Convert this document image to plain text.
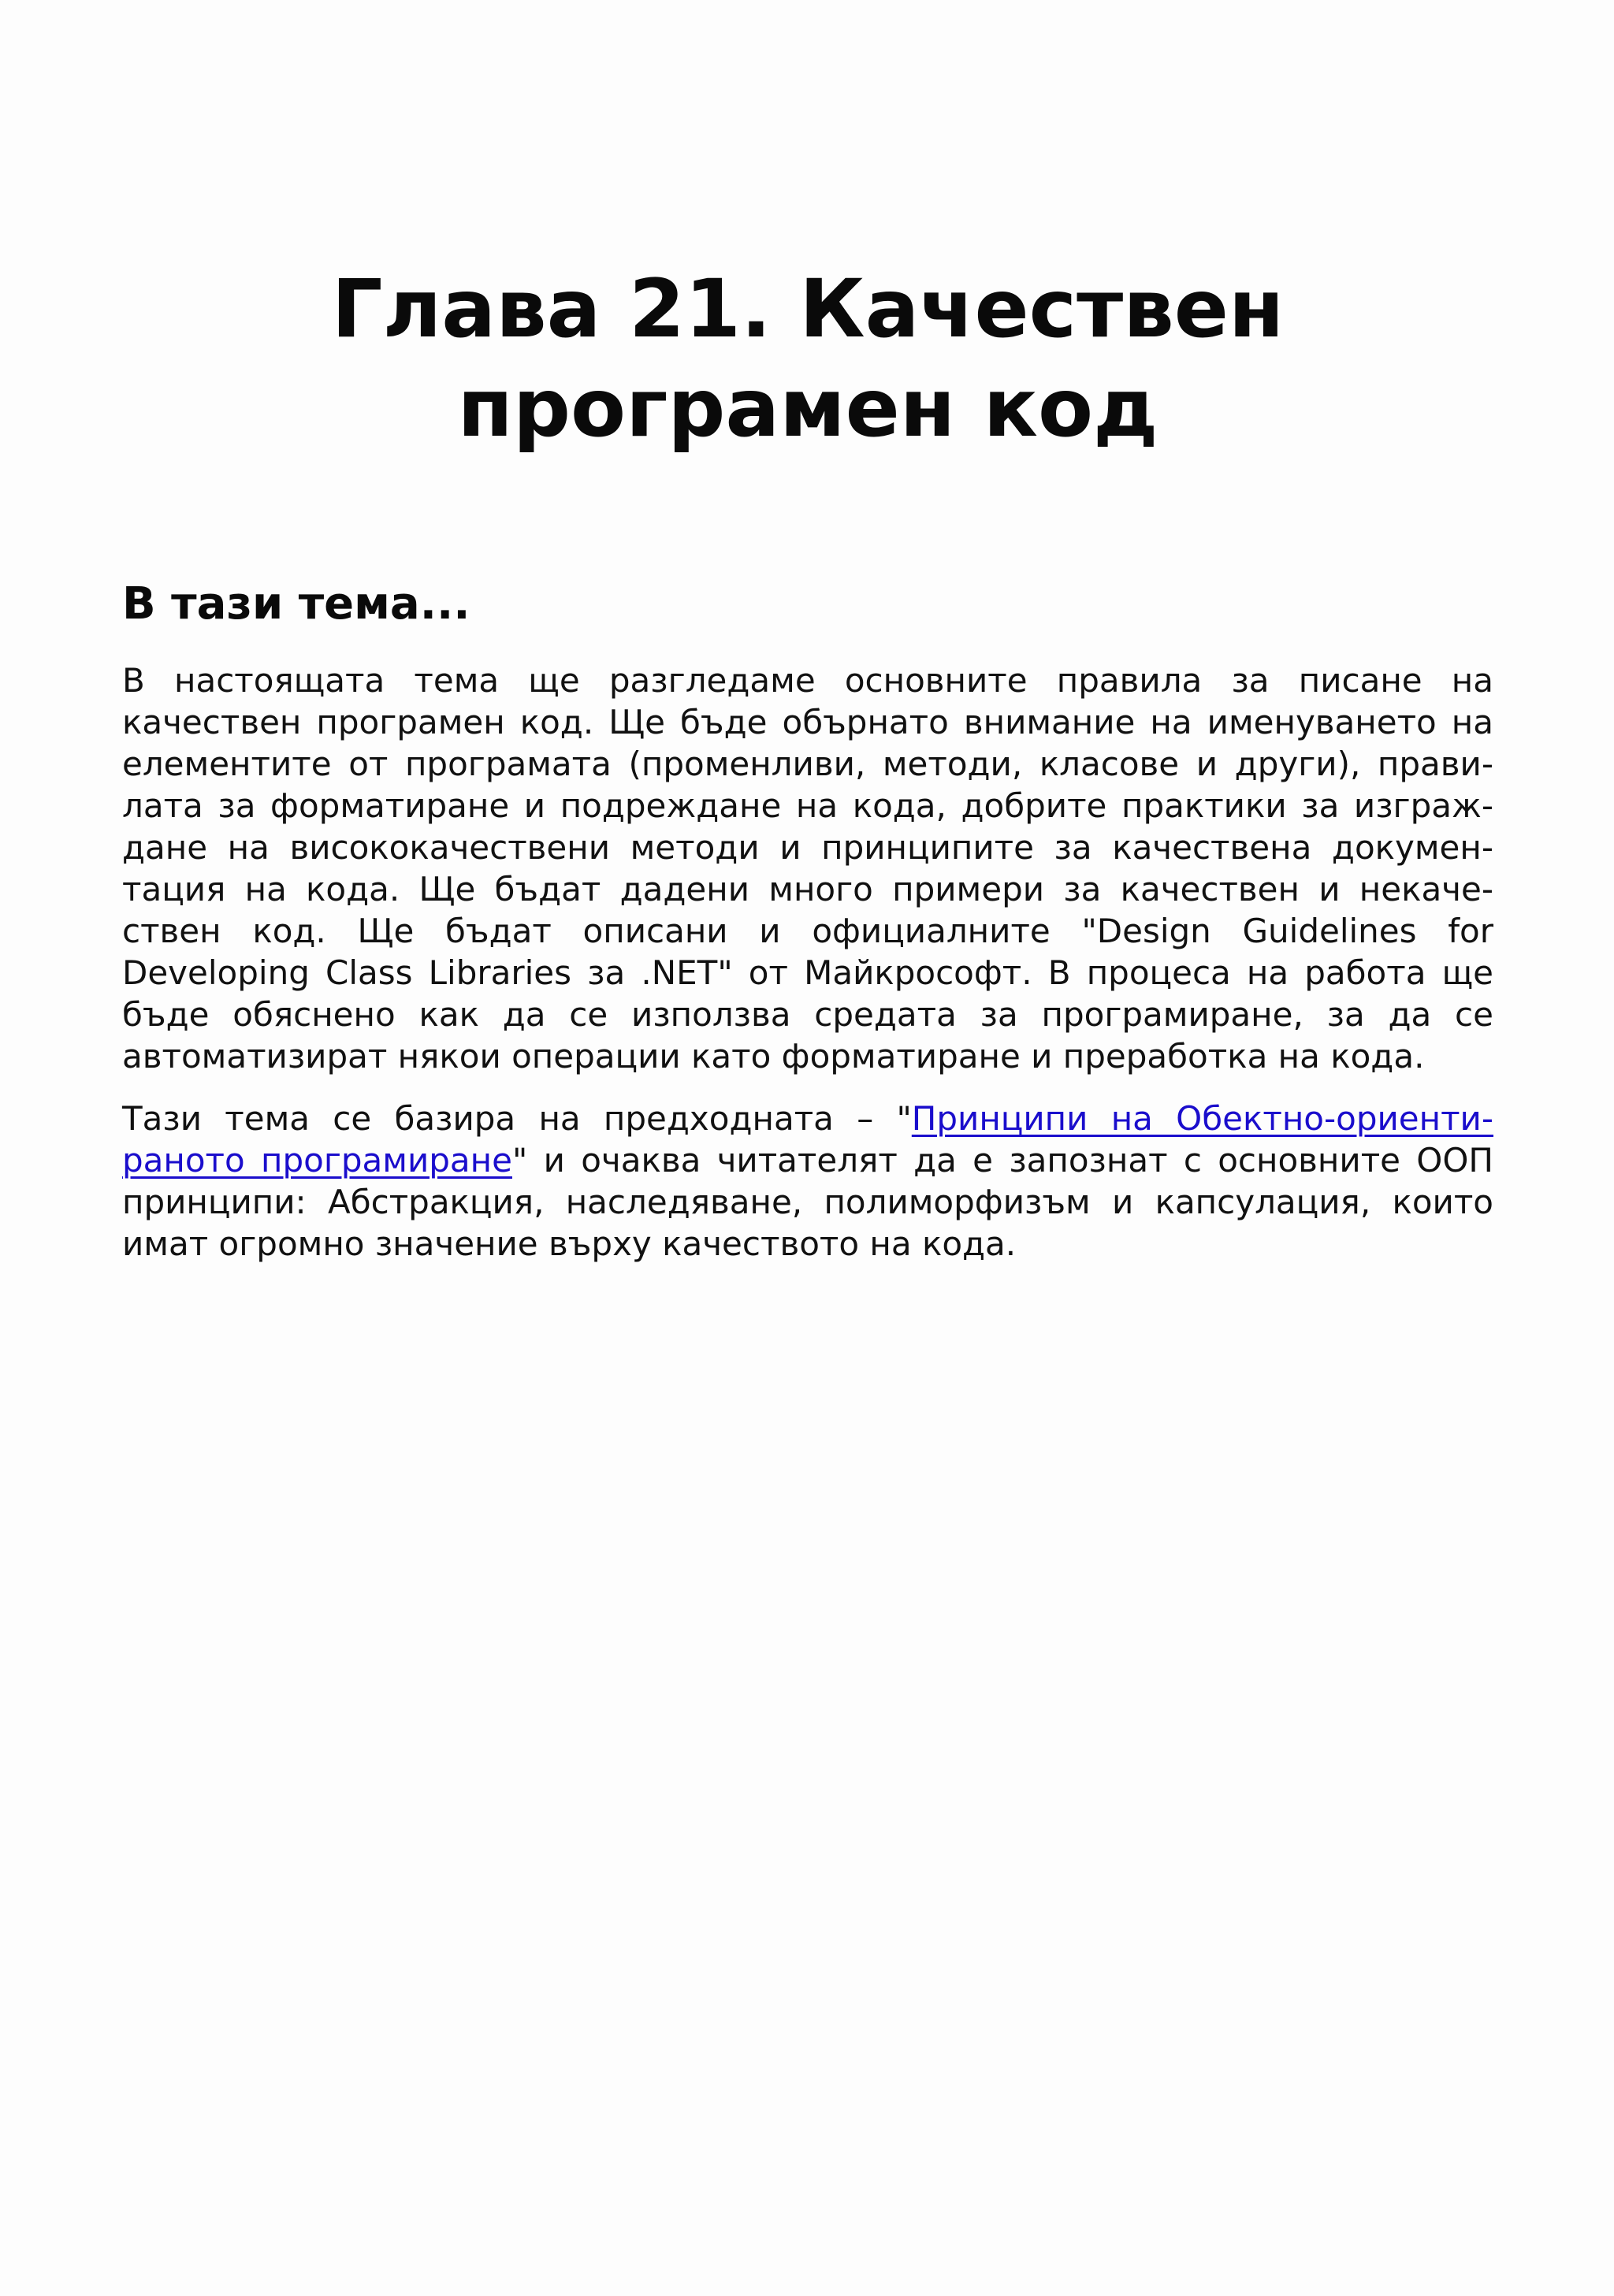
Глава 21. Качествен
програмен код
В тази тема...

В настоящата тема ще разгледаме основните правила за писане на
качествен програмен код. Ще бъде обърнато внимание на именуването на
елементите от програмата (променливи, методи, класове и други), прави-
лата за форматиране и подреждане на кода, добрите практики за изграж-
дане на висококачествени методи и принципите за качествена докумен-
тация на кода. Ще бъдат дадени много примери за качествен и некаче-
ствен код. Ще бъдат описани и официалните "Design Guidelines for
Developing Class Libraries за .NET" от Майкрософт. В процеса на работа ще
бъде обяснено как да се използва средата за програмиране, за да се
автоматизират някои операции като форматиране и преработка на кода.

Тази тема се базира на предходната – "Принципи на Обектно-ориенти-
раното програмиране" и очаква читателят да е запознат с основните ООП
принципи: Абстракция, наследяване, полиморфизъм и капсулация, които
имат огромно значение върху качеството на кода.
